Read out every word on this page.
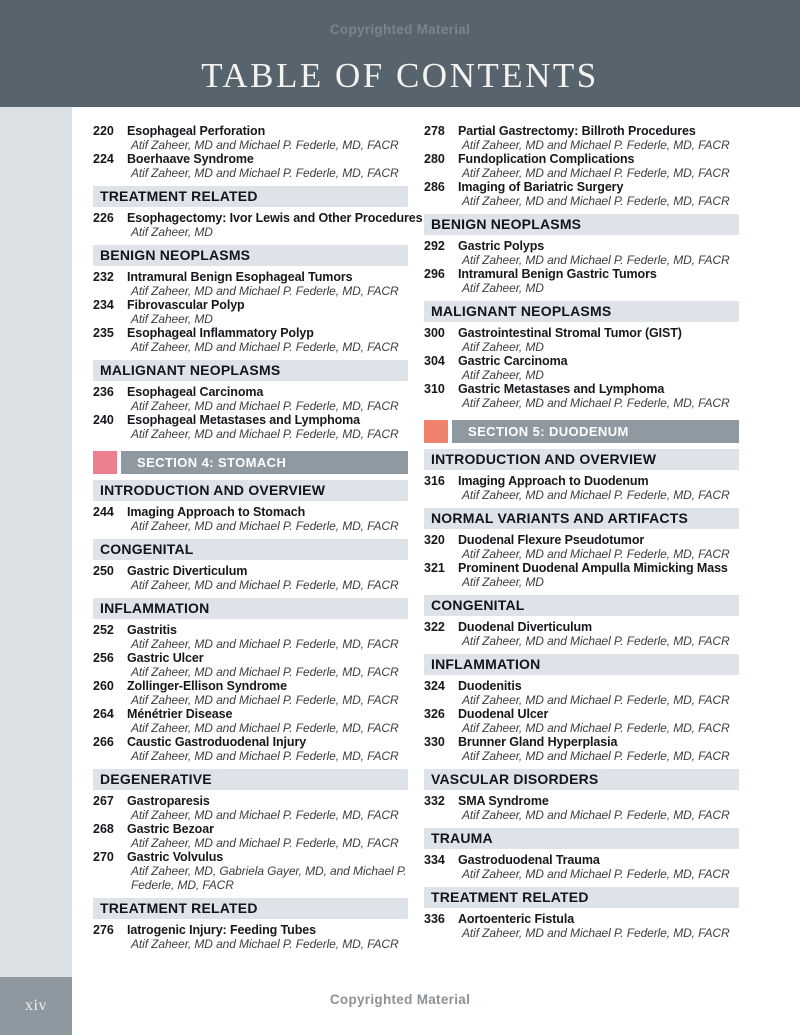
Copyrighted Material
TABLE OF CONTENTS
xiv
220	Esophageal Perforation
Atif Zaheer, MD and Michael P. Federle, MD, FACR
224	Boerhaave Syndrome
Atif Zaheer, MD and Michael P. Federle, MD, FACR
TREATMENT RELATED
226	Esophagectomy: Ivor Lewis and Other Procedures
Atif Zaheer, MD
BENIGN NEOPLASMS
232	Intramural Benign Esophageal Tumors
Atif Zaheer, MD and Michael P. Federle, MD, FACR
234	Fibrovascular Polyp
Atif Zaheer, MD
235	Esophageal Inflammatory Polyp
Atif Zaheer, MD and Michael P. Federle, MD, FACR
MALIGNANT NEOPLASMS
236	Esophageal Carcinoma
Atif Zaheer, MD and Michael P. Federle, MD, FACR
240	Esophageal Metastases and Lymphoma
Atif Zaheer, MD and Michael P. Federle, MD, FACR
SECTION 4: STOMACH
INTRODUCTION AND OVERVIEW
244	Imaging Approach to Stomach
Atif Zaheer, MD and Michael P. Federle, MD, FACR
CONGENITAL
250	Gastric Diverticulum
Atif Zaheer, MD and Michael P. Federle, MD, FACR
INFLAMMATION
252	Gastritis
Atif Zaheer, MD and Michael P. Federle, MD, FACR
256	Gastric Ulcer
Atif Zaheer, MD and Michael P. Federle, MD, FACR
260	Zollinger-Ellison Syndrome
Atif Zaheer, MD and Michael P. Federle, MD, FACR
264	Ménétrier Disease
Atif Zaheer, MD and Michael P. Federle, MD, FACR
266	Caustic Gastroduodenal Injury
Atif Zaheer, MD and Michael P. Federle, MD, FACR
DEGENERATIVE
267	Gastroparesis
Atif Zaheer, MD and Michael P. Federle, MD, FACR
268	Gastric Bezoar
Atif Zaheer, MD and Michael P. Federle, MD, FACR
270	Gastric Volvulus
Atif Zaheer, MD, Gabriela Gayer, MD, and Michael P.
Federle, MD, FACR
TREATMENT RELATED
276	Iatrogenic Injury: Feeding Tubes
Atif Zaheer, MD and Michael P. Federle, MD, FACR
278	Partial Gastrectomy: Billroth Procedures
Atif Zaheer, MD and Michael P. Federle, MD, FACR
280	Fundoplication Complications
Atif Zaheer, MD and Michael P. Federle, MD, FACR
286	Imaging of Bariatric Surgery
Atif Zaheer, MD and Michael P. Federle, MD, FACR
BENIGN NEOPLASMS
292	Gastric Polyps
Atif Zaheer, MD and Michael P. Federle, MD, FACR
296	Intramural Benign Gastric Tumors
Atif Zaheer, MD
MALIGNANT NEOPLASMS
300	Gastrointestinal Stromal Tumor (GIST)
Atif Zaheer, MD
304	Gastric Carcinoma
Atif Zaheer, MD
310	Gastric Metastases and Lymphoma
Atif Zaheer, MD and Michael P. Federle, MD, FACR
SECTION 5: DUODENUM
INTRODUCTION AND OVERVIEW
316	Imaging Approach to Duodenum
Atif Zaheer, MD and Michael P. Federle, MD, FACR
NORMAL VARIANTS AND ARTIFACTS
320	Duodenal Flexure Pseudotumor
Atif Zaheer, MD and Michael P. Federle, MD, FACR
321	Prominent Duodenal Ampulla Mimicking Mass
Atif Zaheer, MD
CONGENITAL
322	Duodenal Diverticulum
Atif Zaheer, MD and Michael P. Federle, MD, FACR
INFLAMMATION
324	Duodenitis
Atif Zaheer, MD and Michael P. Federle, MD, FACR
326	Duodenal Ulcer
Atif Zaheer, MD and Michael P. Federle, MD, FACR
330	Brunner Gland Hyperplasia
Atif Zaheer, MD and Michael P. Federle, MD, FACR
VASCULAR DISORDERS
332	SMA Syndrome
Atif Zaheer, MD and Michael P. Federle, MD, FACR
TRAUMA
334	Gastroduodenal Trauma
Atif Zaheer, MD and Michael P. Federle, MD, FACR
TREATMENT RELATED
336	Aortoenteric Fistula
Atif Zaheer, MD and Michael P. Federle, MD, FACR
Copyrighted Material
